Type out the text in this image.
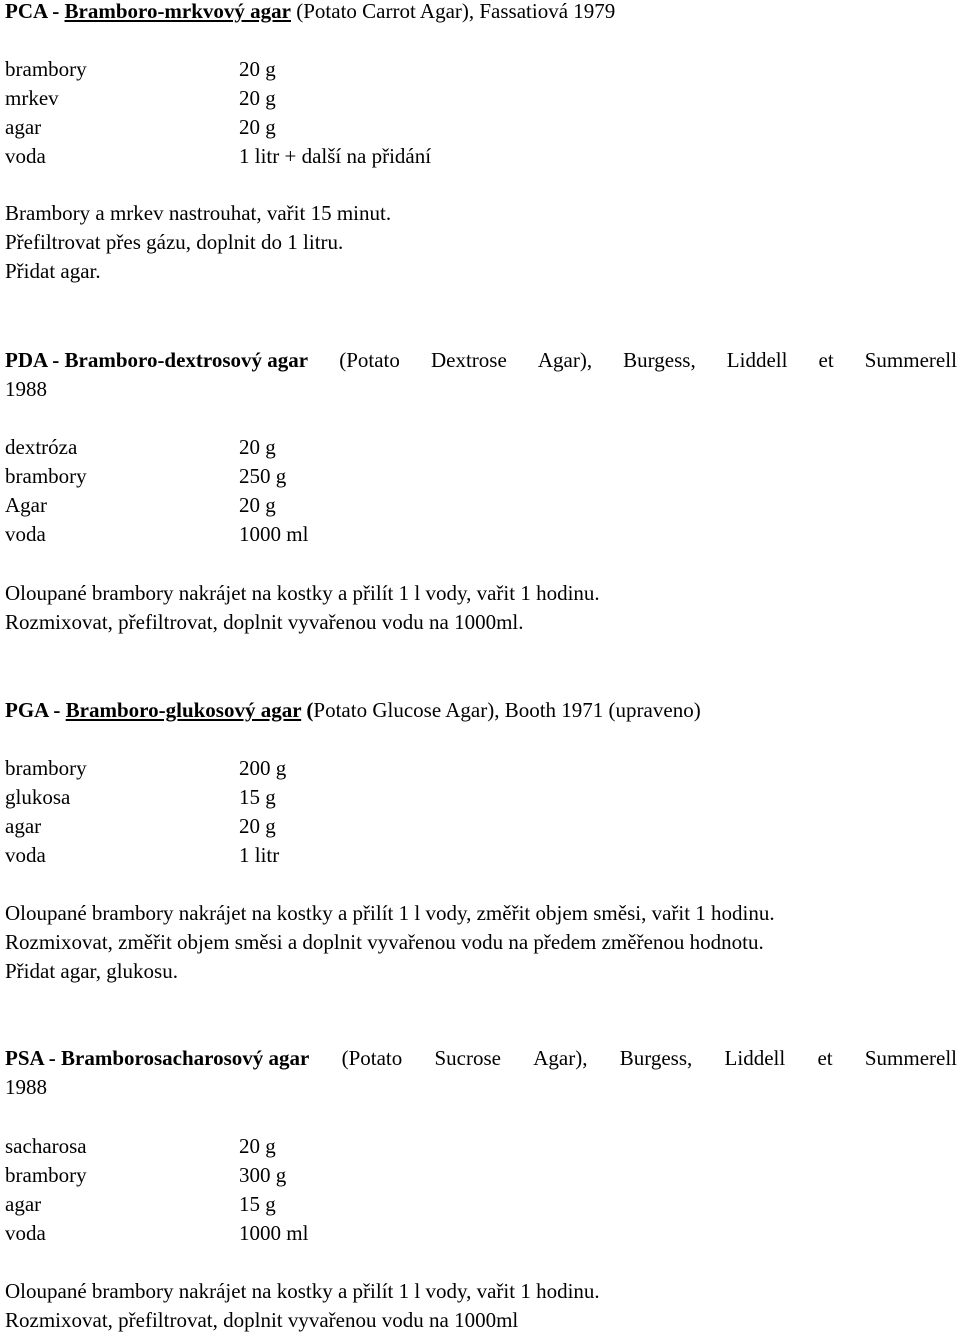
PCA - Bramboro-mrkvový agar (Potato Carrot Agar), Fassatiová 1979
brambory	20 g
mrkev	20 g
agar	20 g
voda	1 litr + další na přidání
Brambory a mrkev nastrouhat, vařit 15 minut.
Přefiltrovat přes gázu, doplnit do 1 litru.
Přidat agar.
PDA - Bramboro-dextrosový agar (Potato Dextrose Agar), Burgess, Liddell et Summerell
1988
dextróza	20 g
brambory	250 g
Agar	20 g
voda	1000 ml
Oloupané brambory nakrájet na kostky a přilít 1 l vody, vařit 1 hodinu.
Rozmixovat, přefiltrovat, doplnit vyvařenou vodu na 1000ml.
PGA - Bramboro-glukosový agar (Potato Glucose Agar), Booth 1971 (upraveno)
brambory	200 g
glukosa	15 g
agar	20 g
voda	1 litr
Oloupané brambory nakrájet na kostky a přilít 1 l vody, změřit objem směsi, vařit 1 hodinu.
Rozmixovat, změřit objem směsi a doplnit vyvařenou vodu na předem změřenou hodnotu.
Přidat agar, glukosu.
PSA - Bramborosacharosový agar (Potato Sucrose Agar), Burgess, Liddell et Summerell
1988
sacharosa	20 g
brambory	300 g
agar	15 g
voda	1000 ml
Oloupané brambory nakrájet na kostky a přilít 1 l vody, vařit 1 hodinu.
Rozmixovat, přefiltrovat, doplnit vyvařenou vodu na 1000ml
